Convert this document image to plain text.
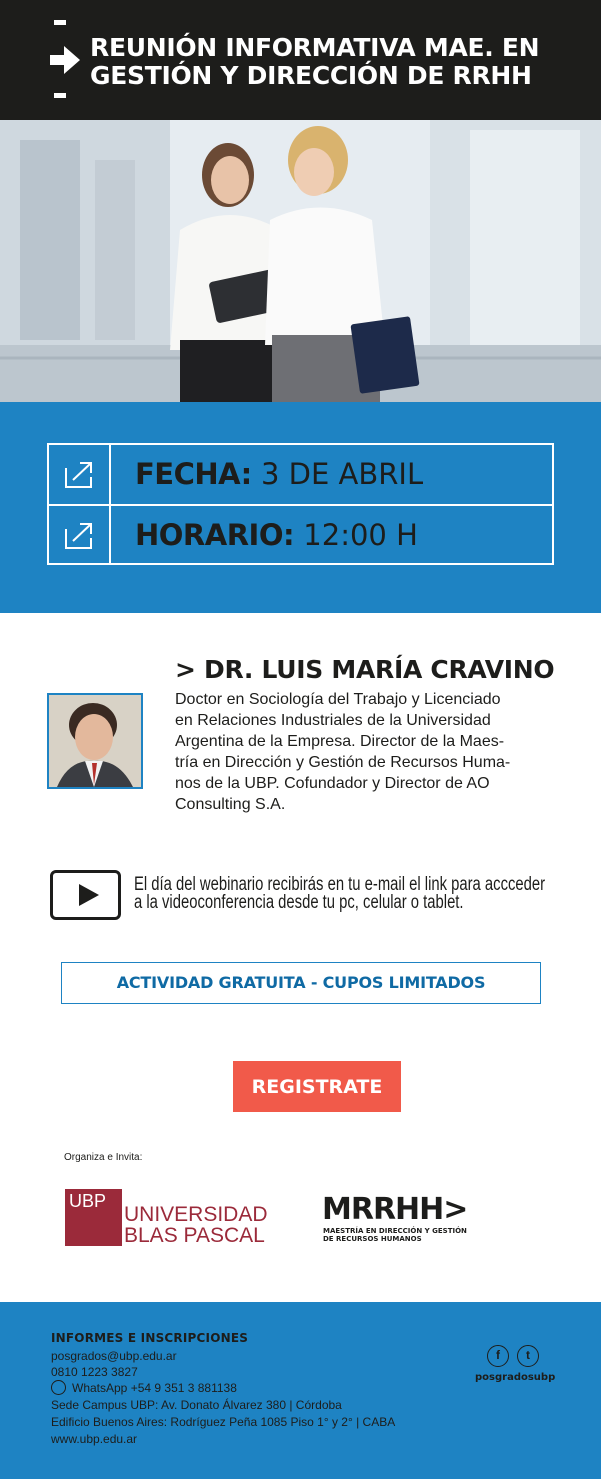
REUNIÓN INFORMATIVA MAE. EN
GESTIÓN Y DIRECCIÓN DE RRHH
FECHA: 3 DE ABRIL
HORARIO: 12:00 H
> DR. LUIS MARÍA CRAVINO
Doctor en Sociología del Trabajo y Licenciado
en Relaciones Industriales de la Universidad
Argentina de la Empresa. Director de la Maes-
tría en Dirección y Gestión de Recursos Huma-
nos de la UBP. Cofundador y Director de AO
Consulting S.A.
El día del webinario recibirás en tu e-mail el link para accceder
a la videoconferencia desde tu pc, celular o tablet.
ACTIVIDAD GRATUITA - CUPOS LIMITADOS
REGISTRATE
Organiza e Invita:
UBP
UNIVERSIDAD
BLAS PASCAL
MRRHH>
MAESTRÍA EN DIRECCIÓN Y GESTIÓN
DE RECURSOS HUMANOS
INFORMES E INSCRIPCIONES
posgrados@ubp.edu.ar
0810 1223 3827
WhatsApp +54 9 351 3 881138
Sede Campus UBP: Av. Donato Álvarez 380 | Córdoba
Edificio Buenos Aires: Rodríguez Peña 1085 Piso 1° y 2° | CABA
www.ubp.edu.ar
f	t
posgradosubp
